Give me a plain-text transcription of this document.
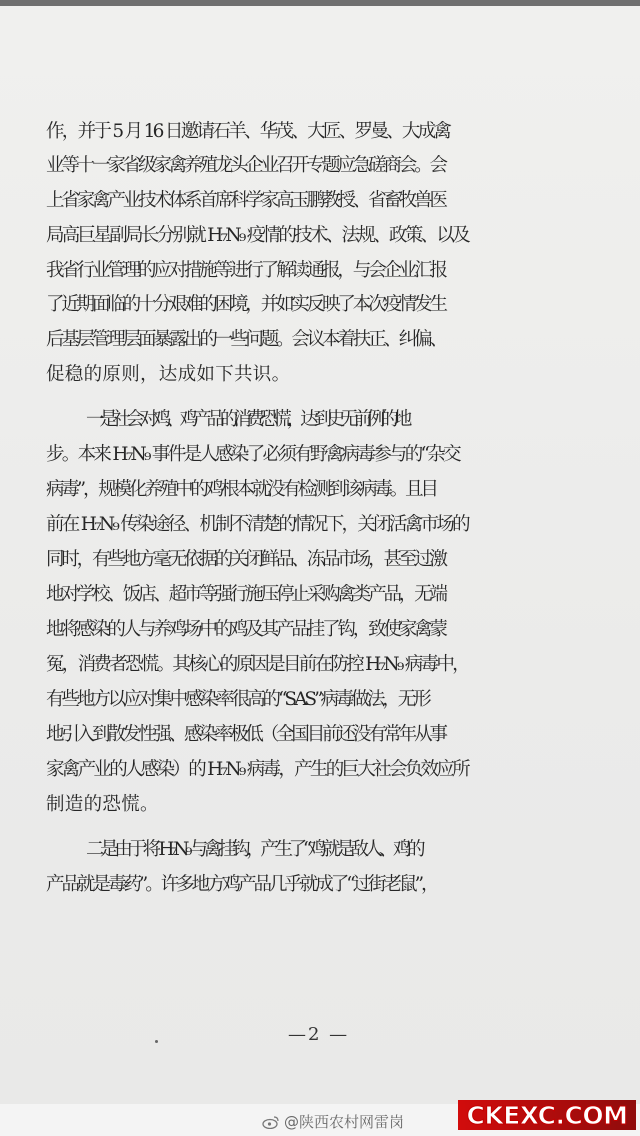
作，并于 5 月 16 日邀请石羊、华茂、大匠、罗曼、大成禽
业等十一家省级家禽养殖龙头企业召开专题应急磋商会。会
上省家禽产业技术体系首席科学家高玉鹏教授、省畜牧兽医
局高巨星副局长分别就 H₇N₉ 疫情的技术、法规、政策、以及
我省行业管理的应对措施等进行了解读通报，与会企业汇报
了近期面临的十分艰难的困境，并如实反映了本次疫情发生
后基层管理层面暴露出的一些问题。会议本着扶正、纠偏、
促稳的原则，达成如下共识。
一是社会对鸡、鸡产品的消费恐慌，达到史无前例的地
步。本来 H₇N₉ 事件是人感染了必须有野禽病毒参与的“杂交
病毒”，规模化养殖中的鸡根本就没有检测到该病毒。且目
前在 H₇N₉ 传染途径、机制不清楚的情况下，关闭活禽市场的
同时，有些地方毫无依据的关闭鲜品、冻品市场，甚至过激
地对学校、饭店、超市等强行施压停止采购禽类产品，无端
地将感染的人与养鸡场中的鸡及其产品挂了钩，致使家禽蒙
冤，消费者恐慌。其核心的原因是目前在防控 H₇N₉ 病毒中，
有些地方以应对集中感染率很高的“SAS”病毒做法，无形
地引入到散发性强、感染率极低（全国目前还没有常年从事
家禽产业的人感染）的 H₇N₉ 病毒，产生的巨大社会负效应所
制造的恐慌。
二是由于将 H₇N₉ 与禽挂钩，产生了“鸡就是敌人、鸡的
产品就是毒药”。许多地方鸡产品几乎就成了“过街老鼠”，
—2 —
@陕西农村网雷岗 CKEXC.COM
